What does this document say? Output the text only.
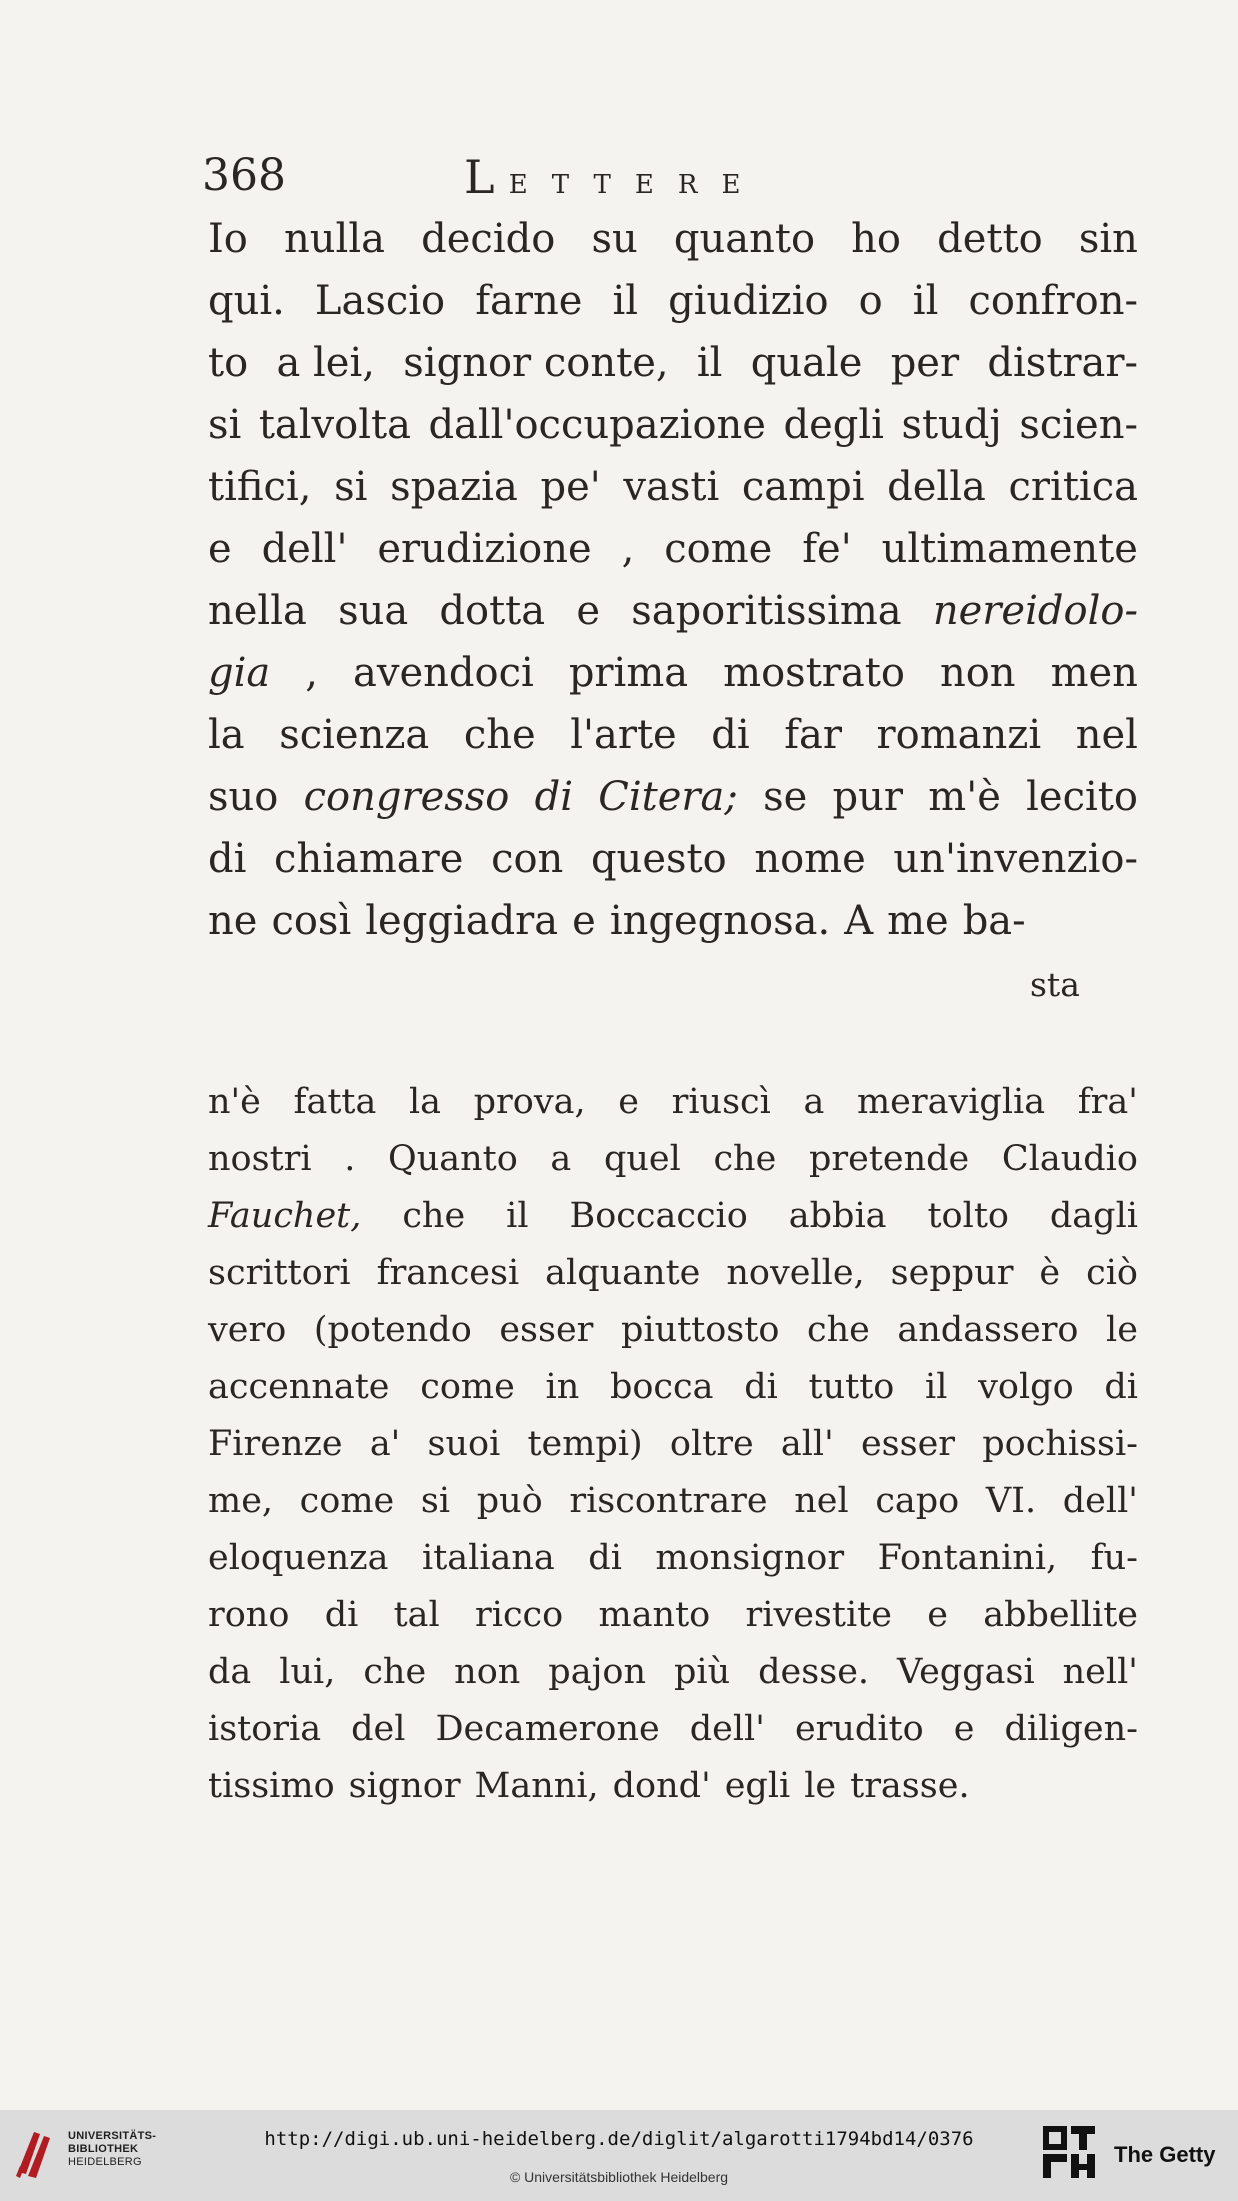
368	LETTERE
Io nulla decido su quanto ho detto sin
qui. Lascio farne il giudizio o il confron-
to a lei, signor conte, il quale per distrar-
si talvolta dall'occupazione degli studj scien-
tifici, si spazia pe' vasti campi della critica
e dell' erudizione , come fe' ultimamente
nella sua dotta e saporitissima nereidolo-
gia , avendoci prima mostrato non men
la scienza che l'arte di far romanzi nel
suo congresso di Citera; se pur m'è lecito
di chiamare con questo nome un'invenzio-
ne così leggiadra e ingegnosa. A me ba-
sta
n'è fatta la prova, e riuscì a meraviglia fra'
nostri . Quanto a quel che pretende Claudio
Fauchet, che il Boccaccio abbia tolto dagli
scrittori francesi alquante novelle, seppur è ciò
vero (potendo esser piuttosto che andassero le
accennate come in bocca di tutto il volgo di
Firenze a' suoi tempi) oltre all' esser pochissi-
me, come si può riscontrare nel capo VI. dell'
eloquenza italiana di monsignor Fontanini, fu-
rono di tal ricco manto rivestite e abbellite
da lui, che non pajon più desse. Veggasi nell'
istoria del Decamerone dell' erudito e diligen-
tissimo signor Manni, dond' egli le trasse.
UNIVERSITÄTS-
BIBLIOTHEK
HEIDELBERG
http://digi.ub.uni-heidelberg.de/diglit/algarotti1794bd14/0376
© Universitätsbibliothek Heidelberg
The Getty
